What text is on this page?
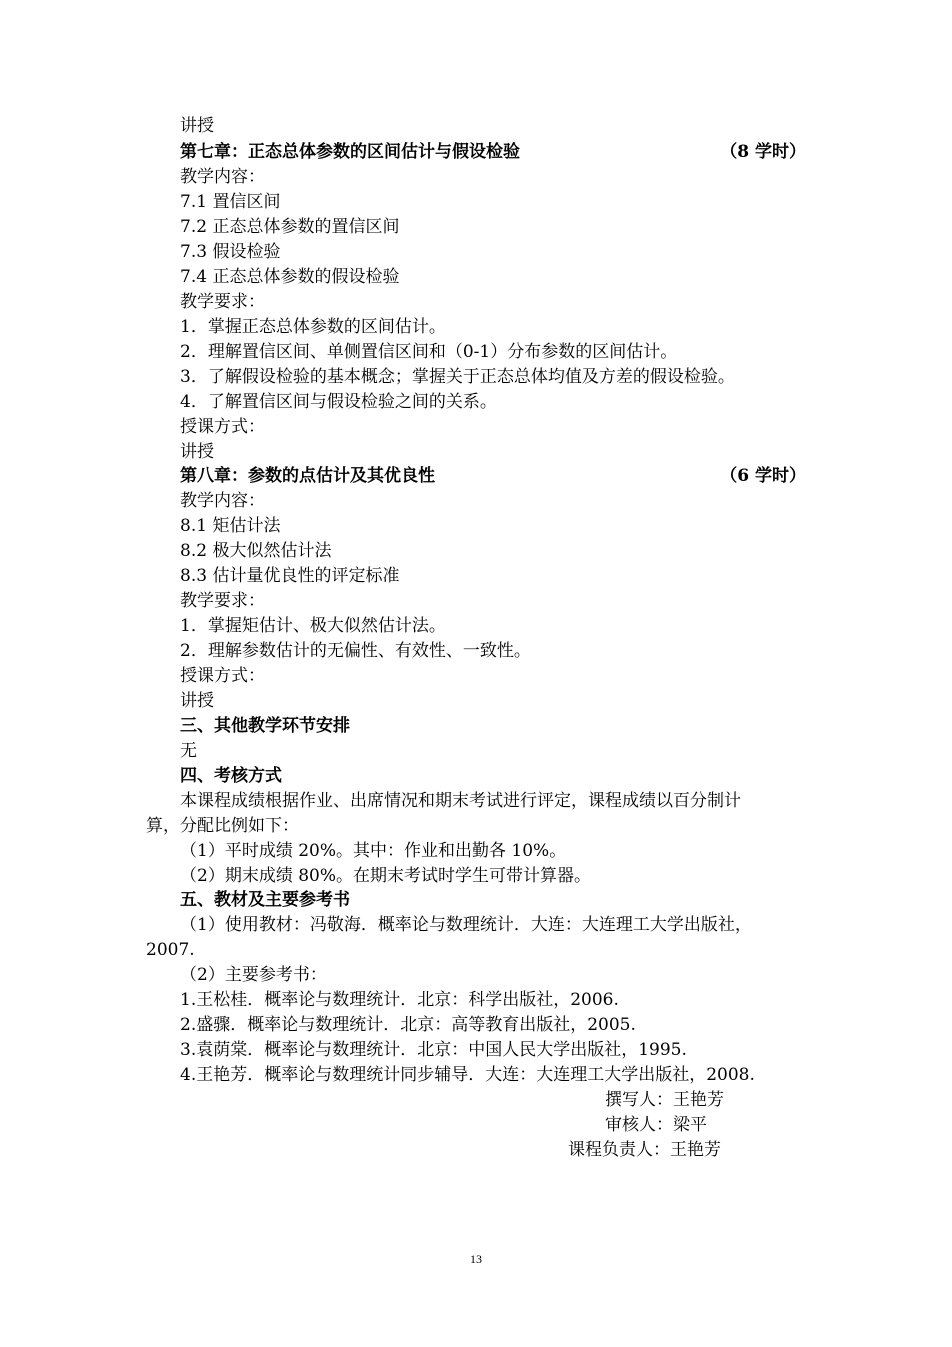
讲授
第七章：正态总体参数的区间估计与假设检验	（8 学时）
教学内容：
7.1 置信区间
7.2 正态总体参数的置信区间
7.3 假设检验
7.4 正态总体参数的假设检验
教学要求：
1．掌握正态总体参数的区间估计。
2．理解置信区间、单侧置信区间和（0-1）分布参数的区间估计。
3．了解假设检验的基本概念；掌握关于正态总体均值及方差的假设检验。
4．了解置信区间与假设检验之间的关系。
授课方式：
讲授
第八章：参数的点估计及其优良性	（6 学时）
教学内容：
8.1 矩估计法
8.2 极大似然估计法
8.3 估计量优良性的评定标准
教学要求：
1．掌握矩估计、极大似然估计法。
2．理解参数估计的无偏性、有效性、一致性。
授课方式：
讲授
三、其他教学环节安排
无
四、考核方式
本课程成绩根据作业、出席情况和期末考试进行评定，课程成绩以百分制计
算，分配比例如下：
（1）平时成绩 20%。其中：作业和出勤各 10%。
（2）期末成绩 80%。在期末考试时学生可带计算器。
五、教材及主要参考书
（1）使用教材：冯敬海．概率论与数理统计．大连：大连理工大学出版社，
2007.
（2）主要参考书：
1.王松桂．概率论与数理统计．北京：科学出版社，2006.
2.盛骤．概率论与数理统计．北京：高等教育出版社，2005.
3.袁荫棠．概率论与数理统计．北京：中国人民大学出版社，1995.
4.王艳芳．概率论与数理统计同步辅导．大连：大连理工大学出版社，2008.
撰写人：王艳芳
审核人：梁平
课程负责人：王艳芳
13
